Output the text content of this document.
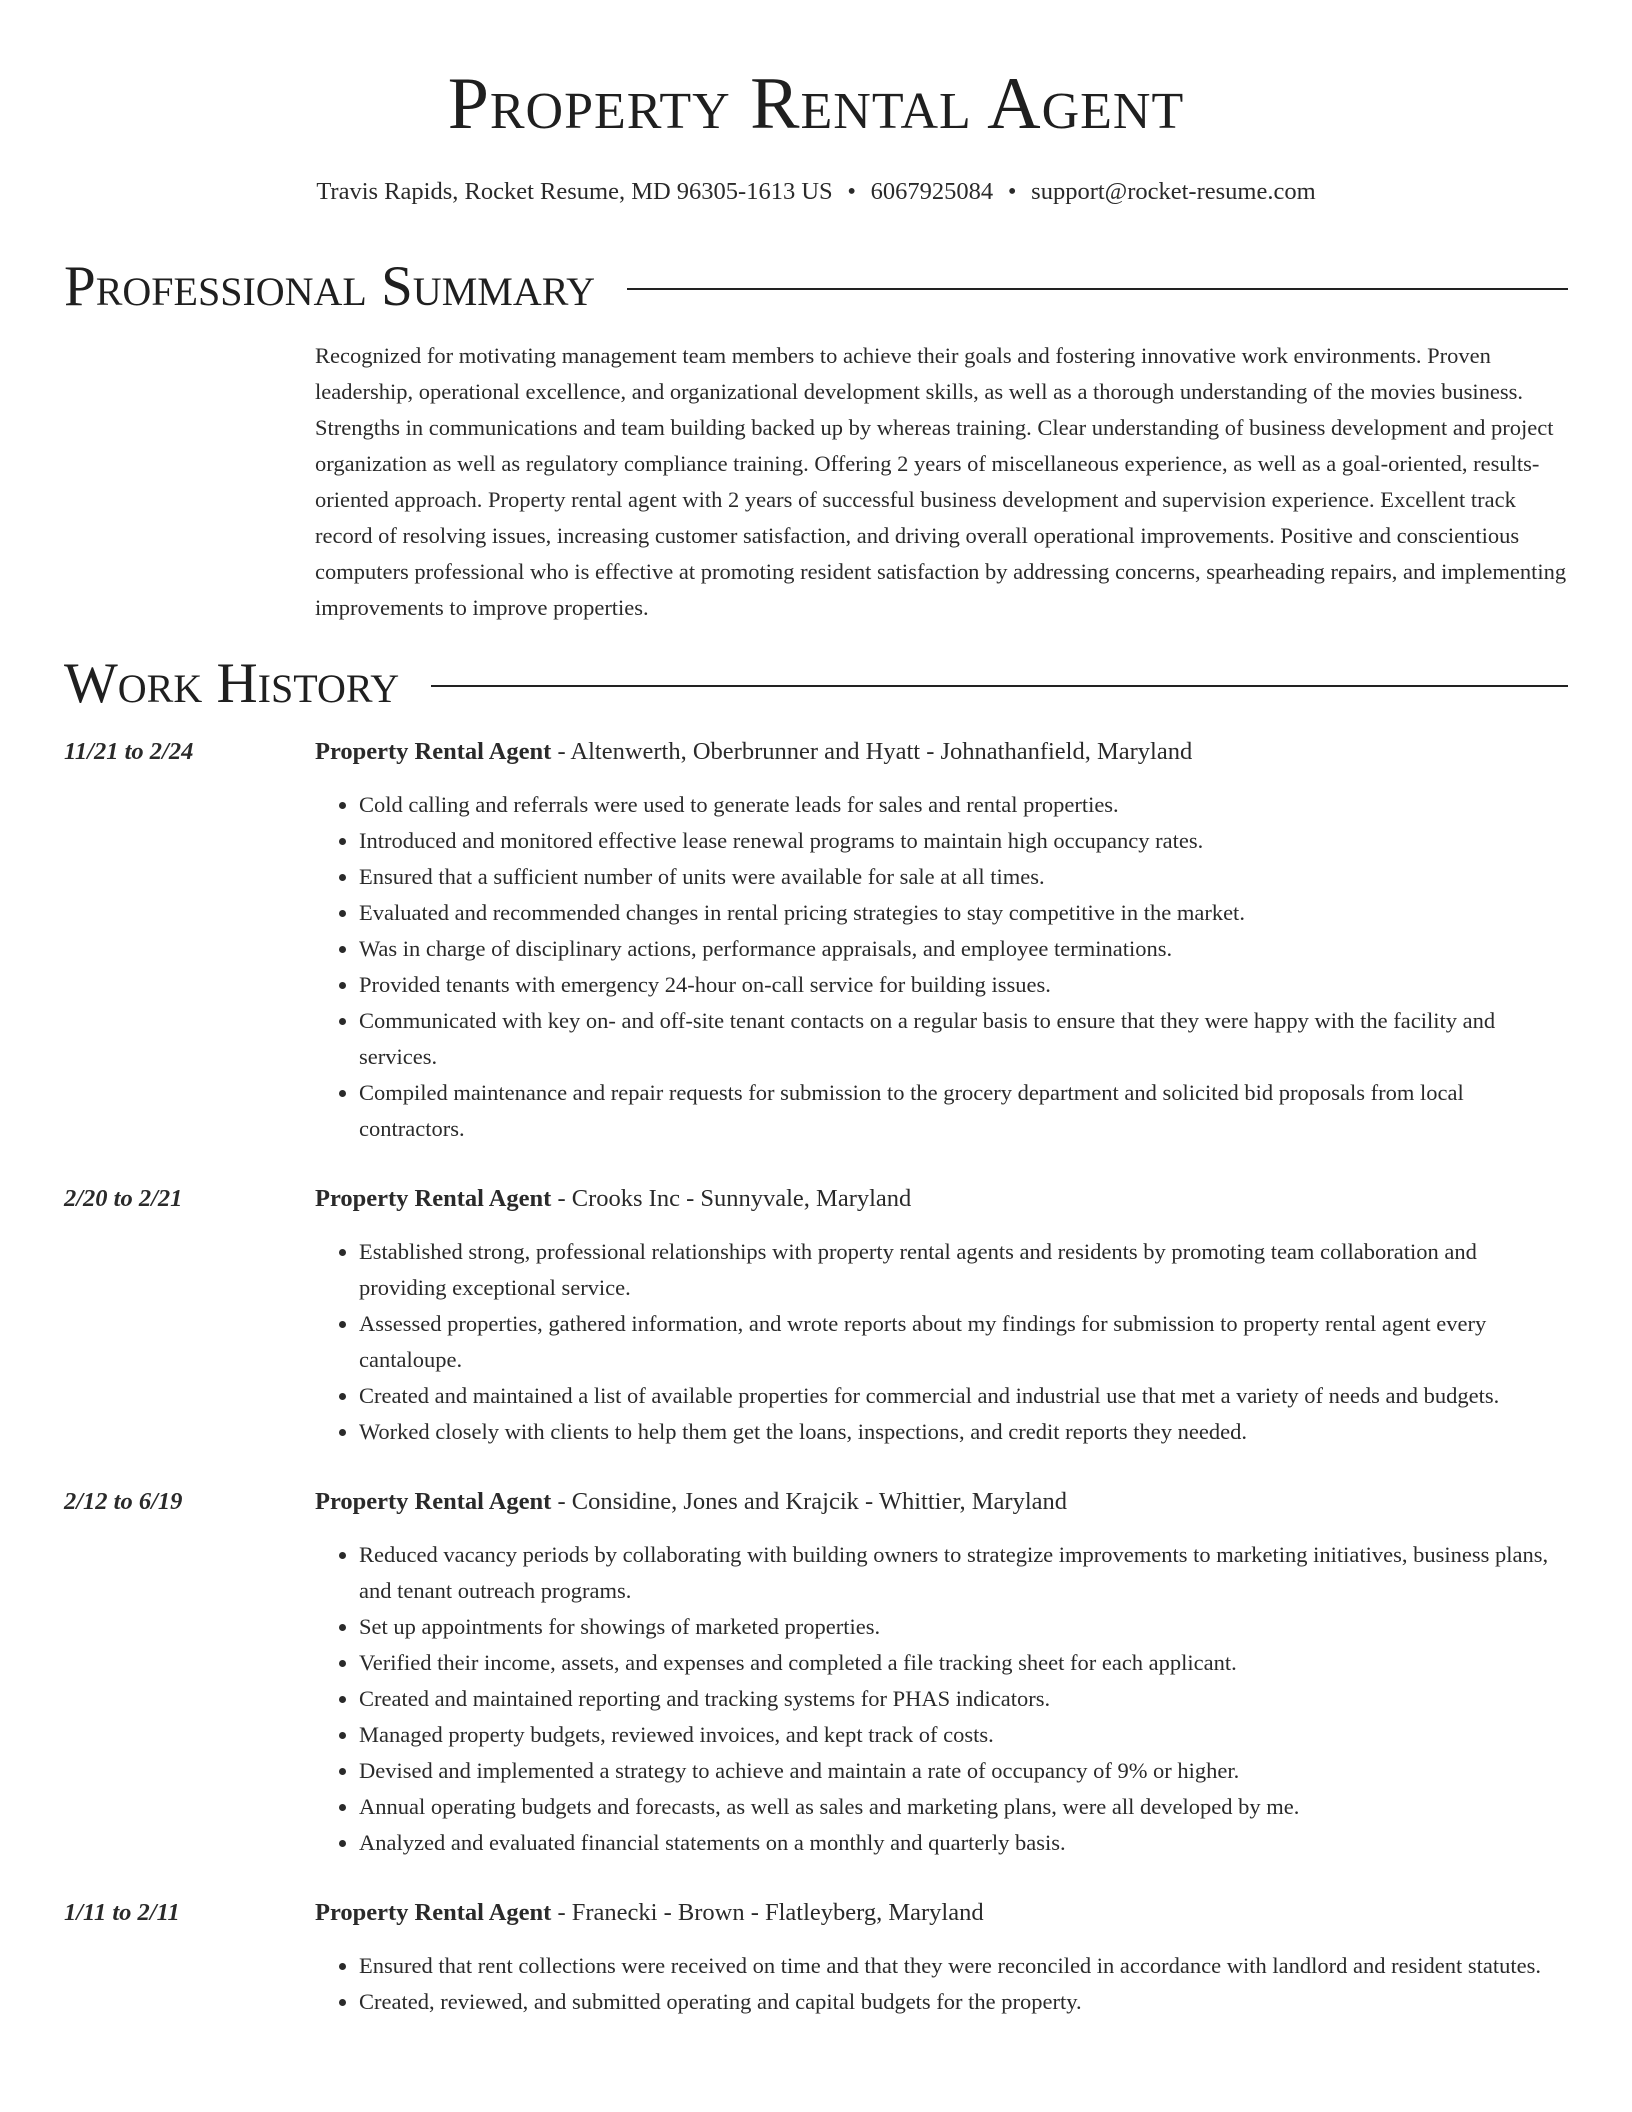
Property Rental Agent
Travis Rapids, Rocket Resume, MD 96305-1613 US • 6067925084 • support@rocket-resume.com
Professional Summary
Recognized for motivating management team members to achieve their goals and fostering innovative work environments. Proven leadership, operational excellence, and organizational development skills, as well as a thorough understanding of the movies business. Strengths in communications and team building backed up by whereas training. Clear understanding of business development and project organization as well as regulatory compliance training. Offering 2 years of miscellaneous experience, as well as a goal-oriented, results-oriented approach. Property rental agent with 2 years of successful business development and supervision experience. Excellent track record of resolving issues, increasing customer satisfaction, and driving overall operational improvements. Positive and conscientious computers professional who is effective at promoting resident satisfaction by addressing concerns, spearheading repairs, and implementing improvements to improve properties.
Work History
11/21 to 2/24	Property Rental Agent - Altenwerth, Oberbrunner and Hyatt - Johnathanfield, Maryland
• Cold calling and referrals were used to generate leads for sales and rental properties.
• Introduced and monitored effective lease renewal programs to maintain high occupancy rates.
• Ensured that a sufficient number of units were available for sale at all times.
• Evaluated and recommended changes in rental pricing strategies to stay competitive in the market.
• Was in charge of disciplinary actions, performance appraisals, and employee terminations.
• Provided tenants with emergency 24-hour on-call service for building issues.
• Communicated with key on- and off-site tenant contacts on a regular basis to ensure that they were happy with the facility and services.
• Compiled maintenance and repair requests for submission to the grocery department and solicited bid proposals from local contractors.
2/20 to 2/21	Property Rental Agent - Crooks Inc - Sunnyvale, Maryland
• Established strong, professional relationships with property rental agents and residents by promoting team collaboration and providing exceptional service.
• Assessed properties, gathered information, and wrote reports about my findings for submission to property rental agent every cantaloupe.
• Created and maintained a list of available properties for commercial and industrial use that met a variety of needs and budgets.
• Worked closely with clients to help them get the loans, inspections, and credit reports they needed.
2/12 to 6/19	Property Rental Agent - Considine, Jones and Krajcik - Whittier, Maryland
• Reduced vacancy periods by collaborating with building owners to strategize improvements to marketing initiatives, business plans, and tenant outreach programs.
• Set up appointments for showings of marketed properties.
• Verified their income, assets, and expenses and completed a file tracking sheet for each applicant.
• Created and maintained reporting and tracking systems for PHAS indicators.
• Managed property budgets, reviewed invoices, and kept track of costs.
• Devised and implemented a strategy to achieve and maintain a rate of occupancy of 9% or higher.
• Annual operating budgets and forecasts, as well as sales and marketing plans, were all developed by me.
• Analyzed and evaluated financial statements on a monthly and quarterly basis.
1/11 to 2/11	Property Rental Agent - Franecki - Brown - Flatleyberg, Maryland
• Ensured that rent collections were received on time and that they were reconciled in accordance with landlord and resident statutes.
• Created, reviewed, and submitted operating and capital budgets for the property.
